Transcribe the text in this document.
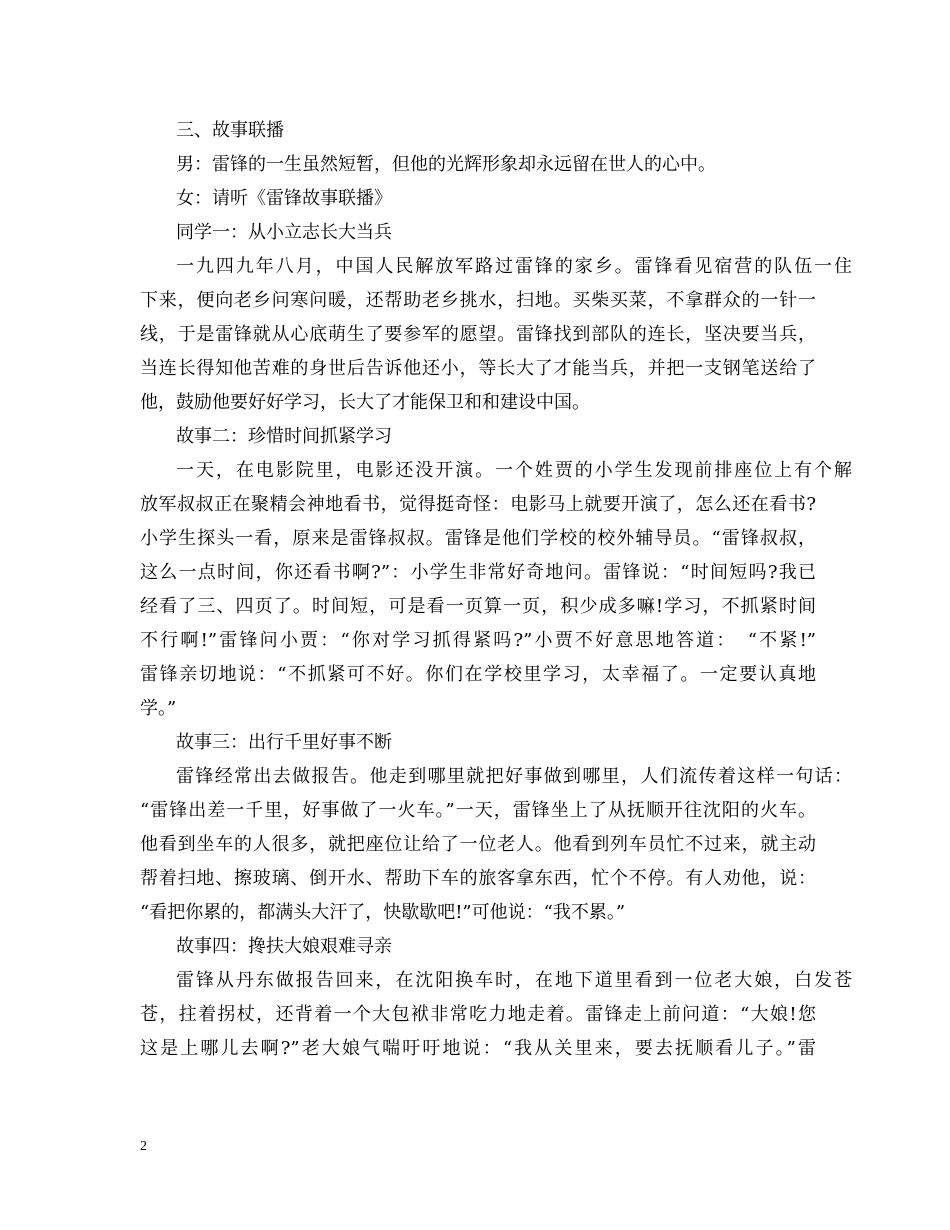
三、故事联播
男：雷锋的一生虽然短暂，但他的光辉形象却永远留在世人的心中。
女：请听《雷锋故事联播》
同学一：从小立志长大当兵
一九四九年八月，中国人民解放军路过雷锋的家乡。雷锋看见宿营的队伍一住
下来，便向老乡问寒问暖，还帮助老乡挑水，扫地。买柴买菜，不拿群众的一针一
线，于是雷锋就从心底萌生了要参军的愿望。雷锋找到部队的连长，坚决要当兵，
当连长得知他苦难的身世后告诉他还小，等长大了才能当兵，并把一支钢笔送给了
他，鼓励他要好好学习，长大了才能保卫和和建设中国。
故事二：珍惜时间抓紧学习
一天，在电影院里，电影还没开演。一个姓贾的小学生发现前排座位上有个解
放军叔叔正在聚精会神地看书，觉得挺奇怪：电影马上就要开演了，怎么还在看书?
小学生探头一看，原来是雷锋叔叔。雷锋是他们学校的校外辅导员。“雷锋叔叔，
这么一点时间，你还看书啊?”：小学生非常好奇地问。雷锋说：“时间短吗?我已
经看了三、四页了。时间短，可是看一页算一页，积少成多嘛!学习，不抓紧时间
不行啊!”雷锋问小贾：“你对学习抓得紧吗?”小贾不好意思地答道：　“不紧!”
雷锋亲切地说：“不抓紧可不好。你们在学校里学习，太幸福了。一定要认真地
学。”
故事三：出行千里好事不断
雷锋经常出去做报告。他走到哪里就把好事做到哪里，人们流传着这样一句话：
“雷锋出差一千里，好事做了一火车。”一天，雷锋坐上了从抚顺开往沈阳的火车。
他看到坐车的人很多，就把座位让给了一位老人。他看到列车员忙不过来，就主动
帮着扫地、擦玻璃、倒开水、帮助下车的旅客拿东西，忙个不停。有人劝他，说：
“看把你累的，都满头大汗了，快歇歇吧!”可他说：“我不累。”
故事四：搀扶大娘艰难寻亲
雷锋从丹东做报告回来，在沈阳换车时，在地下道里看到一位老大娘，白发苍
苍，拄着拐杖，还背着一个大包袱非常吃力地走着。雷锋走上前问道：“大娘!您
这是上哪儿去啊?”老大娘气喘吁吁地说：“我从关里来，要去抚顺看儿子。”雷
2
